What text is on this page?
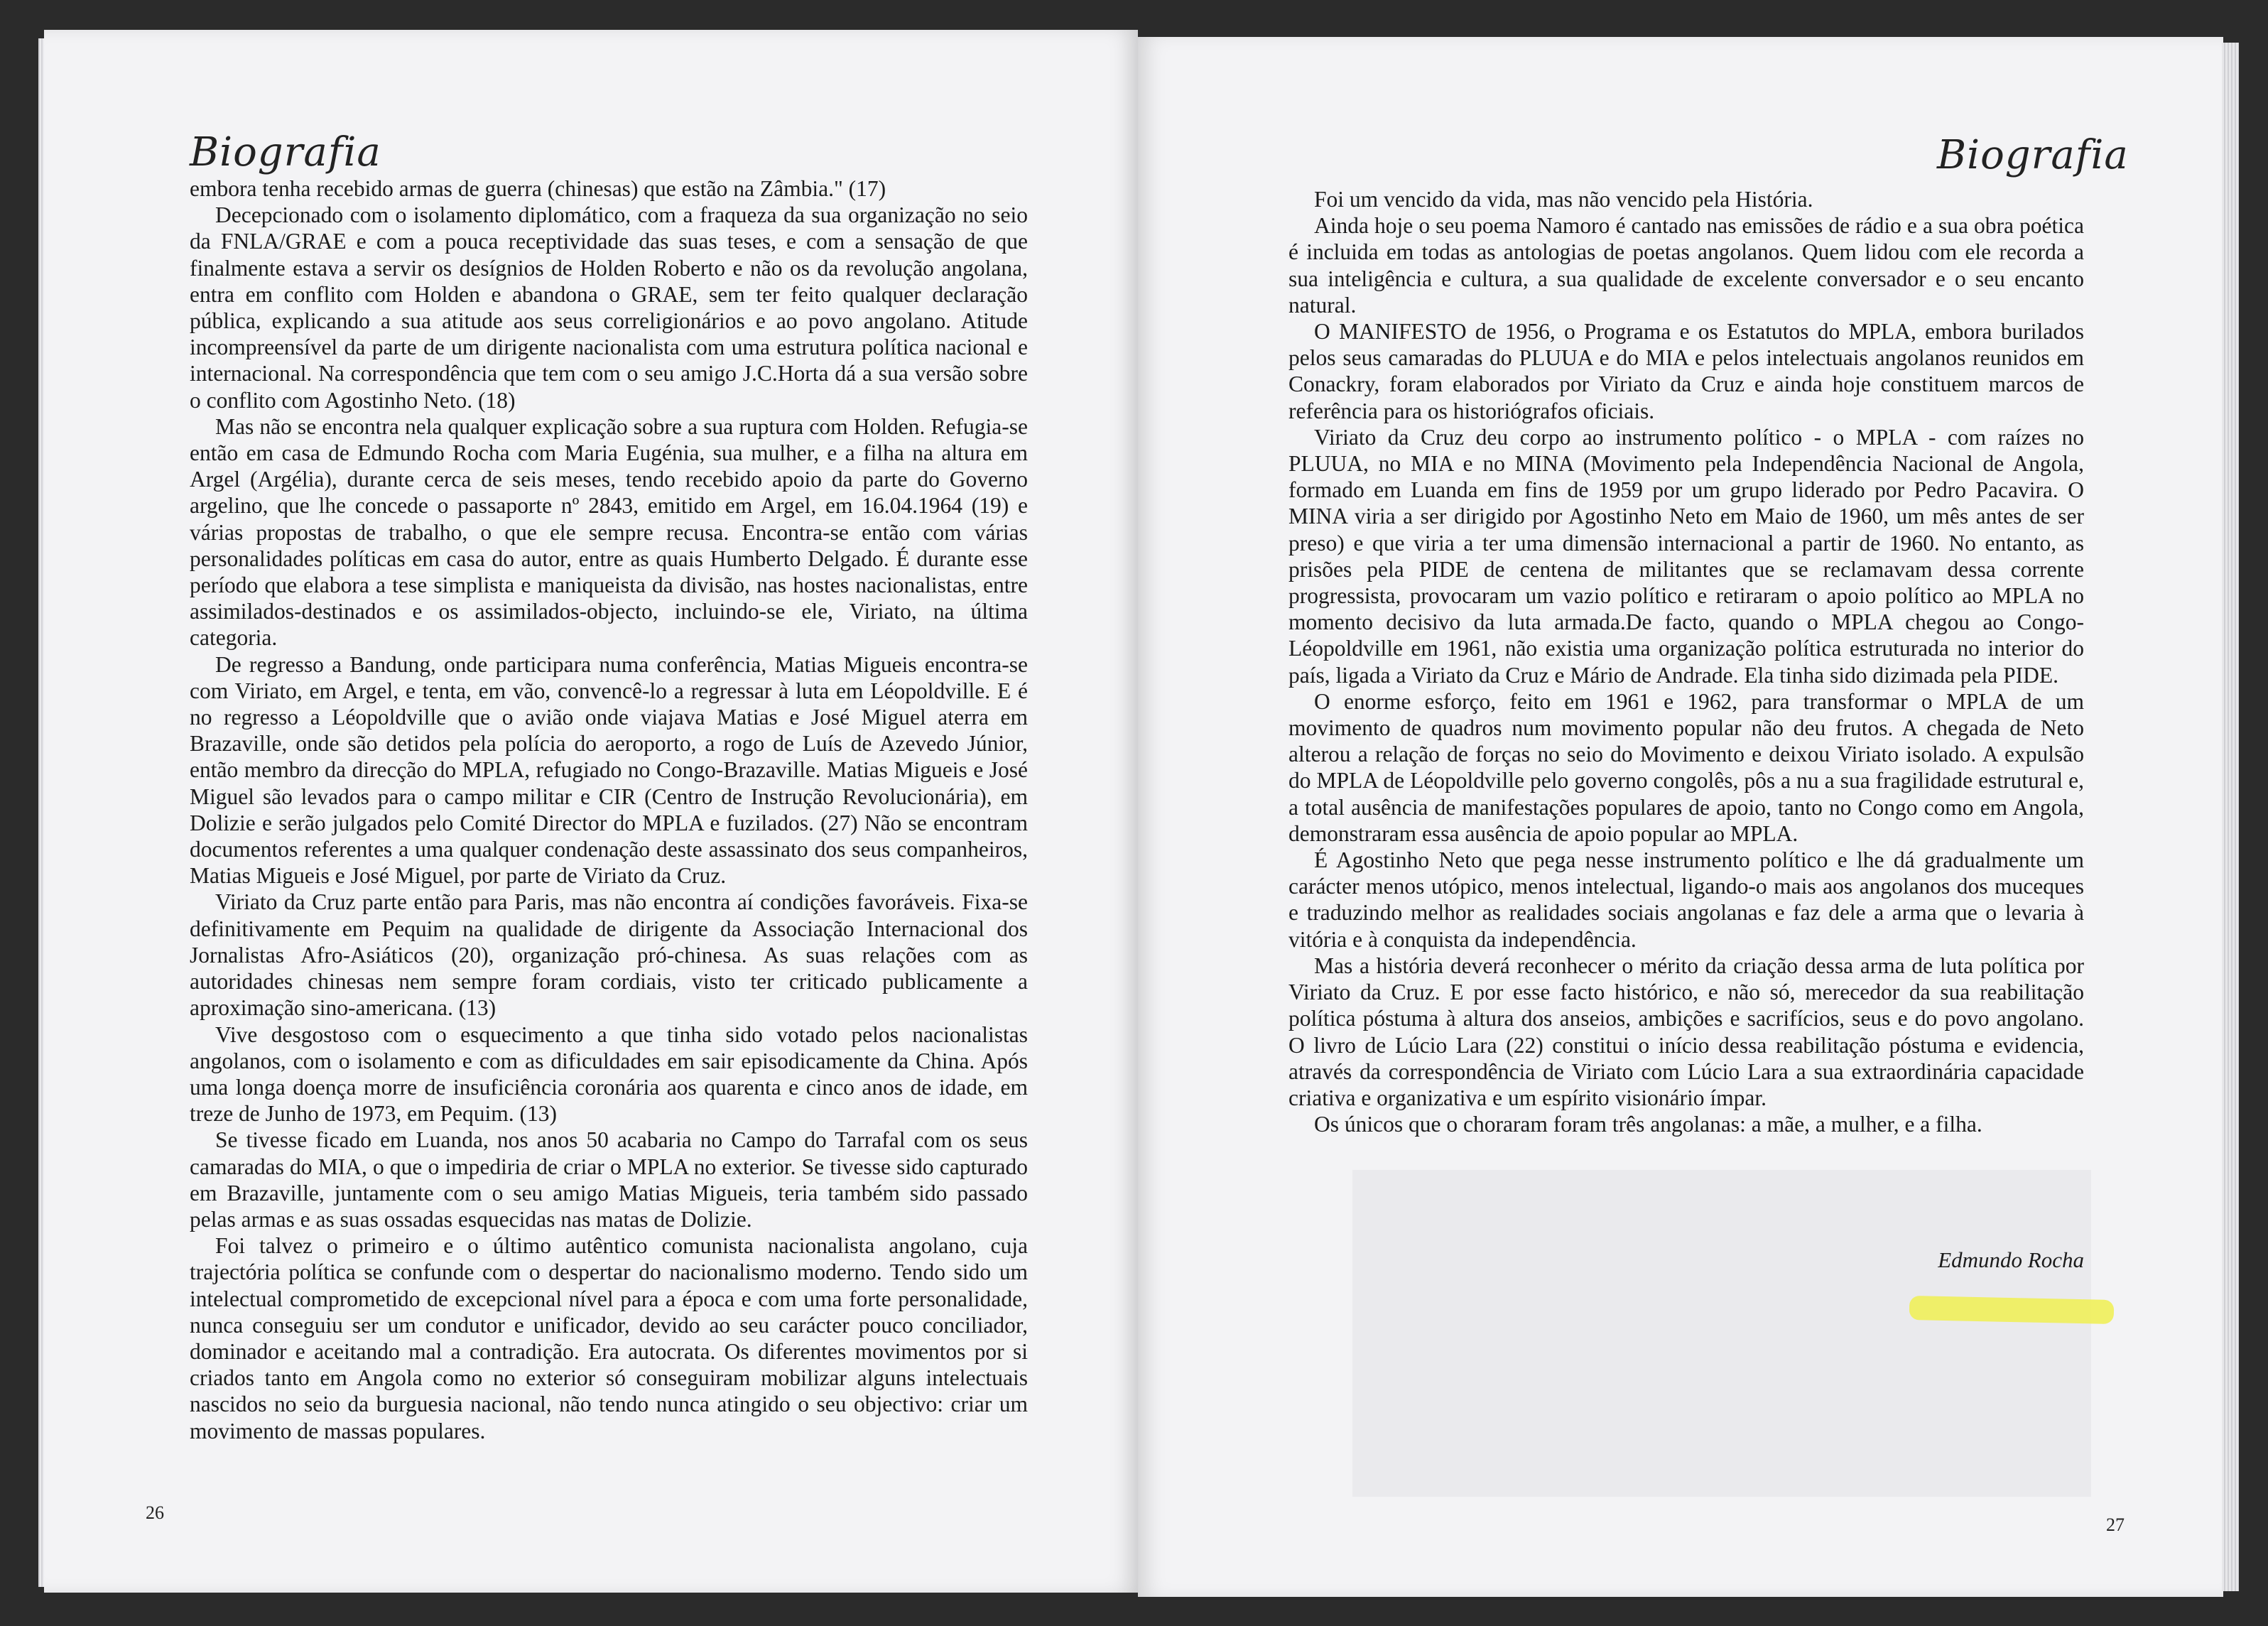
Biografia

embora tenha recebido armas de guerra (chinesas) que estão na Zâmbia." (17)

Decepcionado com o isolamento diplomático, com a fraqueza da sua organização no seio da FNLA/GRAE e com a pouca receptividade das suas teses, e com a sensação de que finalmente estava a servir os desígnios de Holden Roberto e não os da revolução angolana, entra em conflito com Holden e abandona o GRAE, sem ter feito qualquer declaração pública, explicando a sua atitude aos seus correligionários e ao povo angolano. Atitude incompreensível da parte de um dirigente nacionalista com uma estrutura política nacional e internacional. Na correspondência que tem com o seu amigo J.C.Horta dá a sua versão sobre o conflito com Agostinho Neto. (18)

Mas não se encontra nela qualquer explicação sobre a sua ruptura com Holden. Refugia-se então em casa de Edmundo Rocha com Maria Eugénia, sua mulher, e a filha na altura em Argel (Argélia), durante cerca de seis meses, tendo recebido apoio da parte do Governo argelino, que lhe concede o passaporte nº 2843, emitido em Argel, em 16.04.1964 (19) e várias propostas de trabalho, o que ele sempre recusa. Encontra-se então com várias personalidades políticas em casa do autor, entre as quais Humberto Delgado. É durante esse período que elabora a tese simplista e maniqueista da divisão, nas hostes nacionalistas, entre assimilados-destinados e os assimilados-objecto, incluindo-se ele, Viriato, na última categoria.

De regresso a Bandung, onde participara numa conferência, Matias Migueis encontra-se com Viriato, em Argel, e tenta, em vão, convencê-lo a regressar à luta em Léopoldville. E é no regresso a Léopoldville que o avião onde viajava Matias e José Miguel aterra em Brazaville, onde são detidos pela polícia do aeroporto, a rogo de Luís de Azevedo Júnior, então membro da direcção do MPLA, refugiado no Congo-Brazaville. Matias Migueis e José Miguel são levados para o campo militar e CIR (Centro de Instrução Revolucionária), em Dolizie e serão julgados pelo Comité Director do MPLA e fuzilados. (27) Não se encontram documentos referentes a uma qualquer condenação deste assassinato dos seus companheiros, Matias Migueis e José Miguel, por parte de Viriato da Cruz.

Viriato da Cruz parte então para Paris, mas não encontra aí condições favoráveis. Fixa-se definitivamente em Pequim na qualidade de dirigente da Associação Internacional dos Jornalistas Afro-Asiáticos (20), organização pró-chinesa. As suas relações com as autoridades chinesas nem sempre foram cordiais, visto ter criticado publicamente a aproximação sino-americana. (13)

Vive desgostoso com o esquecimento a que tinha sido votado pelos nacionalistas angolanos, com o isolamento e com as dificuldades em sair episodicamente da China. Após uma longa doença morre de insuficiência coronária aos quarenta e cinco anos de idade, em treze de Junho de 1973, em Pequim. (13)

Se tivesse ficado em Luanda, nos anos 50 acabaria no Campo do Tarrafal com os seus camaradas do MIA, o que o impediria de criar o MPLA no exterior. Se tivesse sido capturado em Brazaville, juntamente com o seu amigo Matias Migueis, teria também sido passado pelas armas e as suas ossadas esquecidas nas matas de Dolizie.

Foi talvez o primeiro e o último autêntico comunista nacionalista angolano, cuja trajectória política se confunde com o despertar do nacionalismo moderno. Tendo sido um intelectual comprometido de excepcional nível para a época e com uma forte personalidade, nunca conseguiu ser um condutor e unificador, devido ao seu carácter pouco conciliador, dominador e aceitando mal a contradição. Era autocrata. Os diferentes movimentos por si criados tanto em Angola como no exterior só conseguiram mobilizar alguns intelectuais nascidos no seio da burguesia nacional, não tendo nunca atingido o seu objectivo: criar um movimento de massas populares.

26
Biografia

Foi um vencido da vida, mas não vencido pela História.

Ainda hoje o seu poema Namoro é cantado nas emissões de rádio e a sua obra poética é incluida em todas as antologias de poetas angolanos. Quem lidou com ele recorda a sua inteligência e cultura, a sua qualidade de excelente conversador e o seu encanto natural.

O MANIFESTO de 1956, o Programa e os Estatutos do MPLA, embora burilados pelos seus camaradas do PLUUA e do MIA e pelos intelectuais angolanos reunidos em Conackry, foram elaborados por Viriato da Cruz e ainda hoje constituem marcos de referência para os historiógrafos oficiais.

Viriato da Cruz deu corpo ao instrumento político - o MPLA - com raízes no PLUUA, no MIA e no MINA (Movimento pela Independência Nacional de Angola, formado em Luanda em fins de 1959 por um grupo liderado por Pedro Pacavira. O MINA viria a ser dirigido por Agostinho Neto em Maio de 1960, um mês antes de ser preso) e que viria a ter uma dimensão internacional a partir de 1960. No entanto, as prisões pela PIDE de centena de militantes que se reclamavam dessa corrente progressista, provocaram um vazio político e retiraram o apoio político ao MPLA no momento decisivo da luta armada.De facto, quando o MPLA chegou ao Congo-Léopoldville em 1961, não existia uma organização política estruturada no interior do país, ligada a Viriato da Cruz e Mário de Andrade. Ela tinha sido dizimada pela PIDE.

O enorme esforço, feito em 1961 e 1962, para transformar o MPLA de um movimento de quadros num movimento popular não deu frutos. A chegada de Neto alterou a relação de forças no seio do Movimento e deixou Viriato isolado. A expulsão do MPLA de Léopoldville pelo governo congolês, pôs a nu a sua fragilidade estrutural e, a total ausência de manifestações populares de apoio, tanto no Congo como em Angola, demonstraram essa ausência de apoio popular ao MPLA.

É Agostinho Neto que pega nesse instrumento político e lhe dá gradualmente um carácter menos utópico, menos intelectual, ligando-o mais aos angolanos dos muceques e traduzindo melhor as realidades sociais angolanas e faz dele a arma que o levaria à vitória e à conquista da independência.

Mas a história deverá reconhecer o mérito da criação dessa arma de luta política por Viriato da Cruz. E por esse facto histórico, e não só, merecedor da sua reabilitação política póstuma à altura dos anseios, ambições e sacrifícios, seus e do povo angolano. O livro de Lúcio Lara (22) constitui o início dessa reabilitação póstuma e evidencia, através da correspondência de Viriato com Lúcio Lara a sua extraordinária capacidade criativa e organizativa e um espírito visionário ímpar.

Os únicos que o choraram foram três angolanas: a mãe, a mulher, e a filha.

Edmundo Rocha
27
